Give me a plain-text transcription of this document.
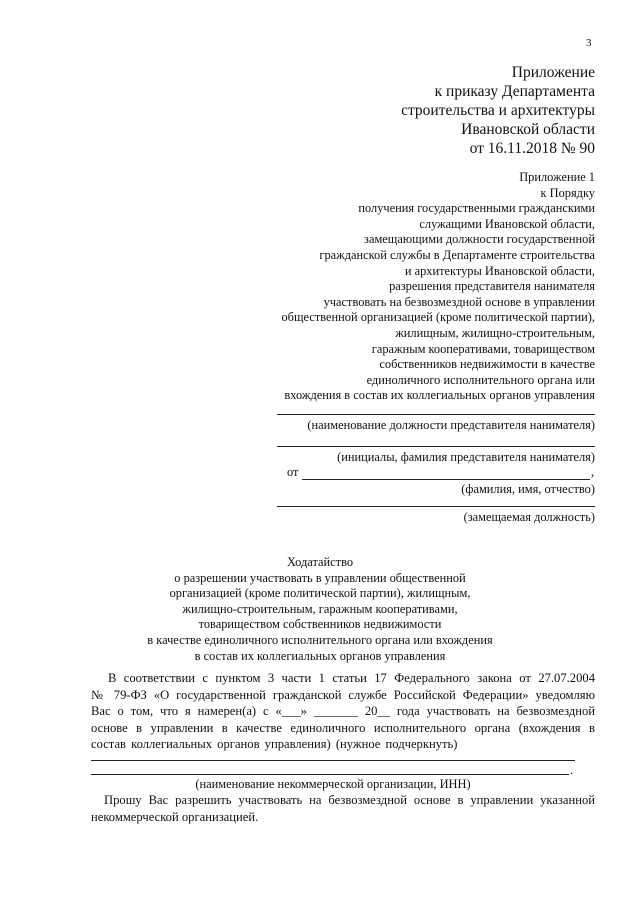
3
Приложение
к приказу Департамента
строительства и архитектуры
Ивановской области
от 16.11.2018 № 90
Приложение 1
к Порядку
получения государственными гражданскими
служащими Ивановской области,
замещающими должности государственной
гражданской службы в Департаменте строительства
и архитектуры Ивановской области,
разрешения представителя нанимателя
участвовать на безвозмездной основе в управлении
общественной организацией (кроме политической партии),
жилищным, жилищно-строительным,
гаражным кооперативами, товариществом
собственников недвижимости в качестве
единоличного исполнительного органа или
вхождения в состав их коллегиальных органов управления
(наименование должности представителя нанимателя)
(инициалы, фамилия представителя нанимателя)
от	,
(фамилия, имя, отчество)
(замещаемая должность)
Ходатайство
о разрешении участвовать в управлении общественной
организацией (кроме политической партии), жилищным,
жилищно-строительным, гаражным кооперативами,
товариществом собственников недвижимости
в качестве единоличного исполнительного органа или вхождения
в состав их коллегиальных органов управления
В соответствии с пунктом 3 части 1 статьи 17 Федерального закона от 27.07.2004
№ 79-ФЗ «О государственной гражданской службе Российской Федерации» уведомляю
Вас о том, что я намерен(а) с «___» _______ 20__ года участвовать на безвозмездной
основе в управлении в качестве единоличного исполнительного органа (вхождения в
состав коллегиальных органов управления) (нужное подчеркнуть)
.
(наименование некоммерческой организации, ИНН)
Прошу Вас разрешить участвовать на безвозмездной основе в управлении указанной
некоммерческой организацией.
